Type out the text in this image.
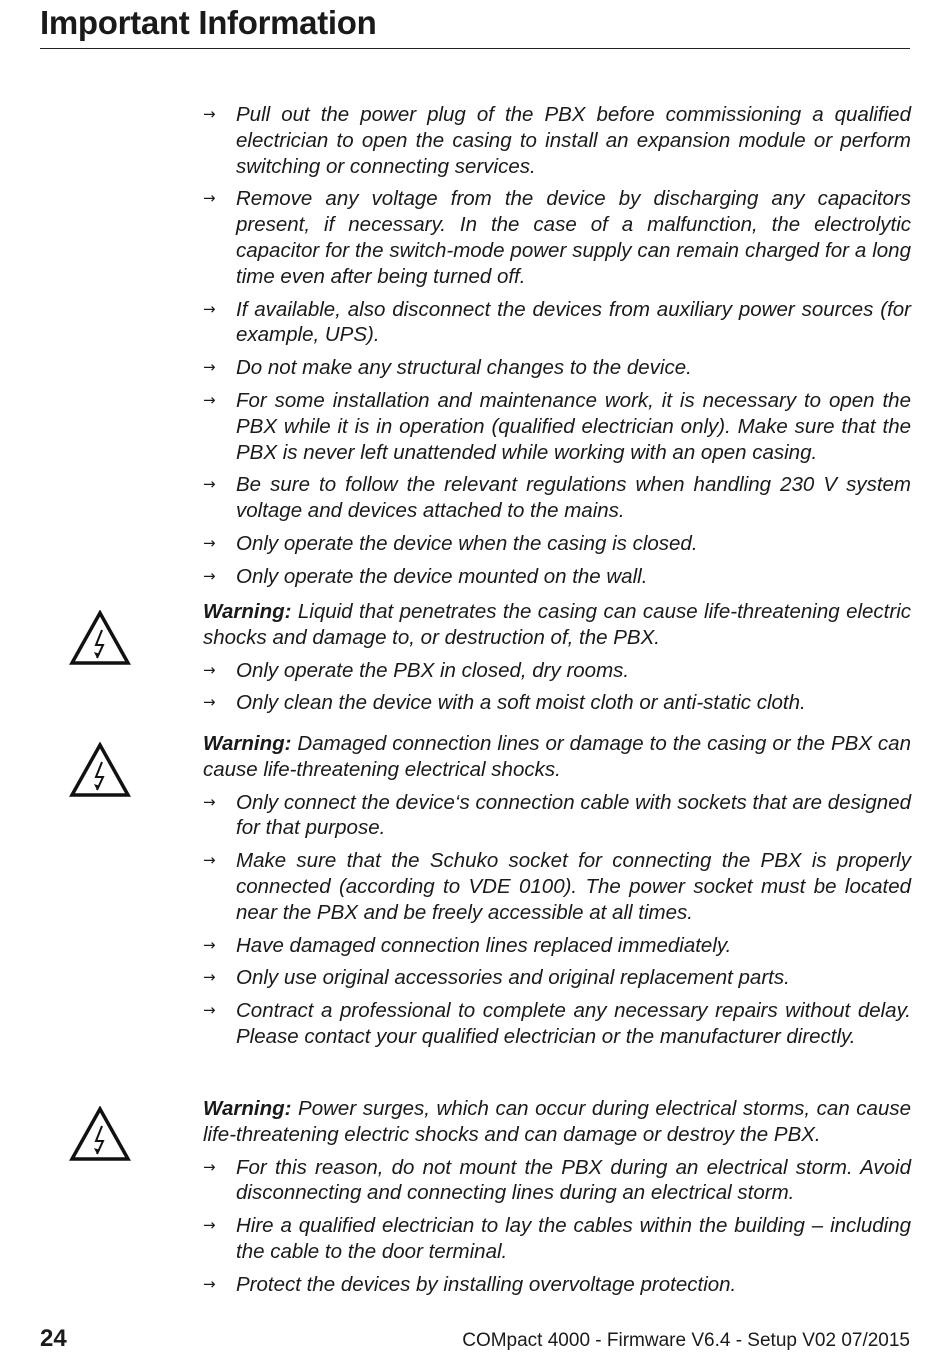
Important Information
→ Pull out the power plug of the PBX before commissioning a qualified electrician to open the casing to install an expansion module or perform switching or connecting services.
→ Remove any voltage from the device by discharging any capacitors present, if necessary. In the case of a malfunction, the electrolytic capacitor for the switch-mode power supply can remain charged for a long time even after being turned off.
→ If available, also disconnect the devices from auxiliary power sources (for example, UPS).
→ Do not make any structural changes to the device.
→ For some installation and maintenance work, it is necessary to open the PBX while it is in operation (qualified electrician only). Make sure that the PBX is never left unattended while working with an open casing.
→ Be sure to follow the relevant regulations when handling 230 V system voltage and devices attached to the mains.
→ Only operate the device when the casing is closed.
→ Only operate the device mounted on the wall.

Warning: Liquid that penetrates the casing can cause life-threatening electric shocks and damage to, or destruction of, the PBX.

→ Only operate the PBX in closed, dry rooms.
→ Only clean the device with a soft moist cloth or anti-static cloth.

Warning: Damaged connection lines or damage to the casing or the PBX can cause life-threatening electrical shocks.

→ Only connect the device‘s connection cable with sockets that are designed for that purpose.
→ Make sure that the Schuko socket for connecting the PBX is properly connected (according to VDE 0100). The power socket must be located near the PBX and be freely accessible at all times.
→ Have damaged connection lines replaced immediately.
→ Only use original accessories and original replacement parts.
→ Contract a professional to complete any necessary repairs without delay. Please contact your qualified electrician or the manufacturer directly.

Warning: Power surges, which can occur during electrical storms, can cause life-threatening electric shocks and can damage or destroy the PBX.

→ For this reason, do not mount the PBX during an electrical storm. Avoid disconnecting and connecting lines during an electrical storm.
→ Hire a qualified electrician to lay the cables within the building – including the cable to the door terminal.
→ Protect the devices by installing overvoltage protection.
24	COMpact 4000 - Firmware V6.4 - Setup V02 07/2015
